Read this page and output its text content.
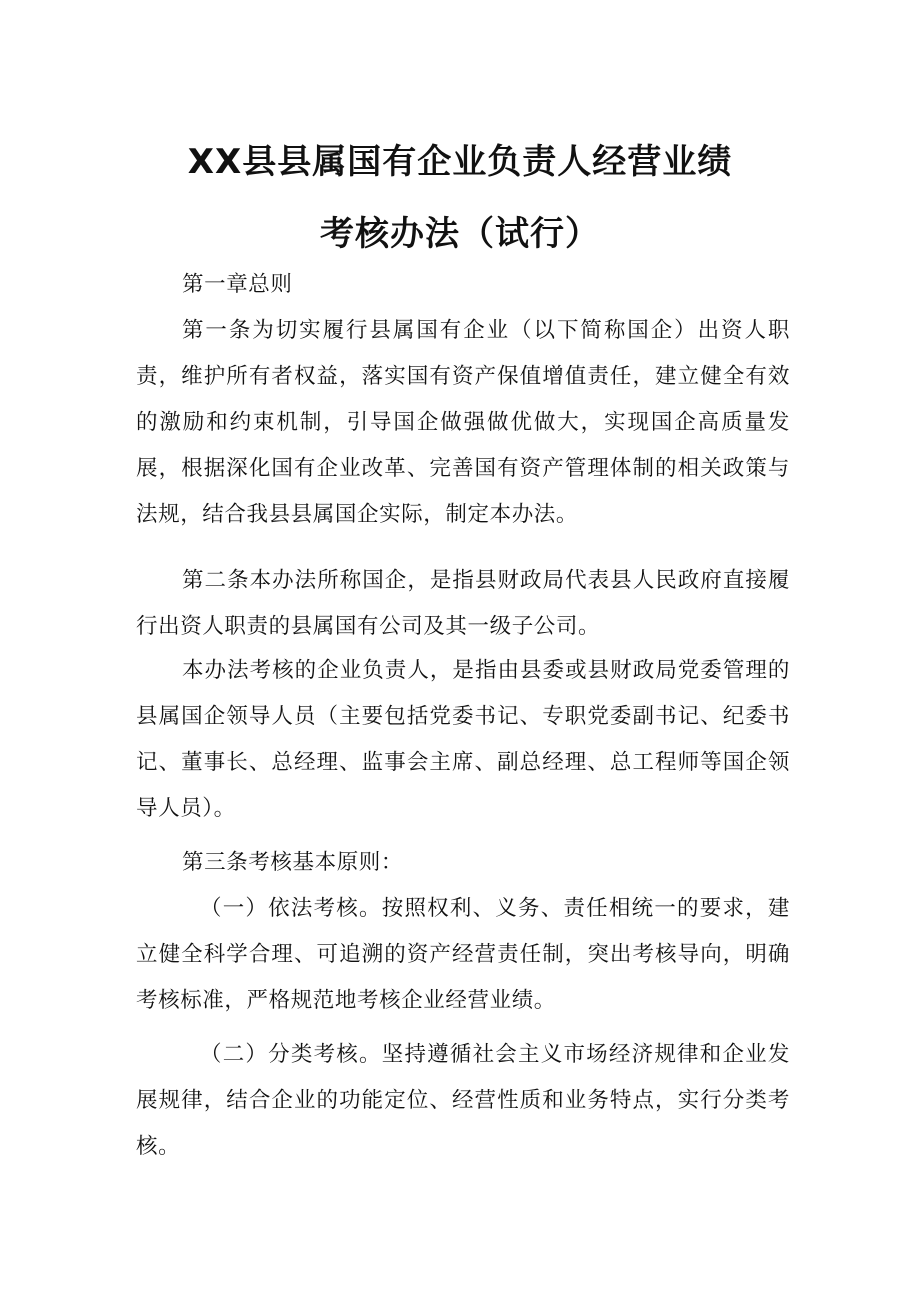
XX县县属国有企业负责人经营业绩
考核办法（试行）

第一章总则

第一条为切实履行县属国有企业（以下简称国企）出资人职责，维护所有者权益，落实国有资产保值增值责任，建立健全有效的激励和约束机制，引导国企做强做优做大，实现国企高质量发展，根据深化国有企业改革、完善国有资产管理体制的相关政策与法规，结合我县县属国企实际，制定本办法。

第二条本办法所称国企，是指县财政局代表县人民政府直接履行出资人职责的县属国有公司及其一级子公司。

本办法考核的企业负责人，是指由县委或县财政局党委管理的县属国企领导人员（主要包括党委书记、专职党委副书记、纪委书记、董事长、总经理、监事会主席、副总经理、总工程师等国企领导人员）。

第三条考核基本原则：

（一）依法考核。按照权利、义务、责任相统一的要求，建立健全科学合理、可追溯的资产经营责任制，突出考核导向，明确考核标准，严格规范地考核企业经营业绩。

（二）分类考核。坚持遵循社会主义市场经济规律和企业发展规律，结合企业的功能定位、经营性质和业务特点，实行分类考核。
